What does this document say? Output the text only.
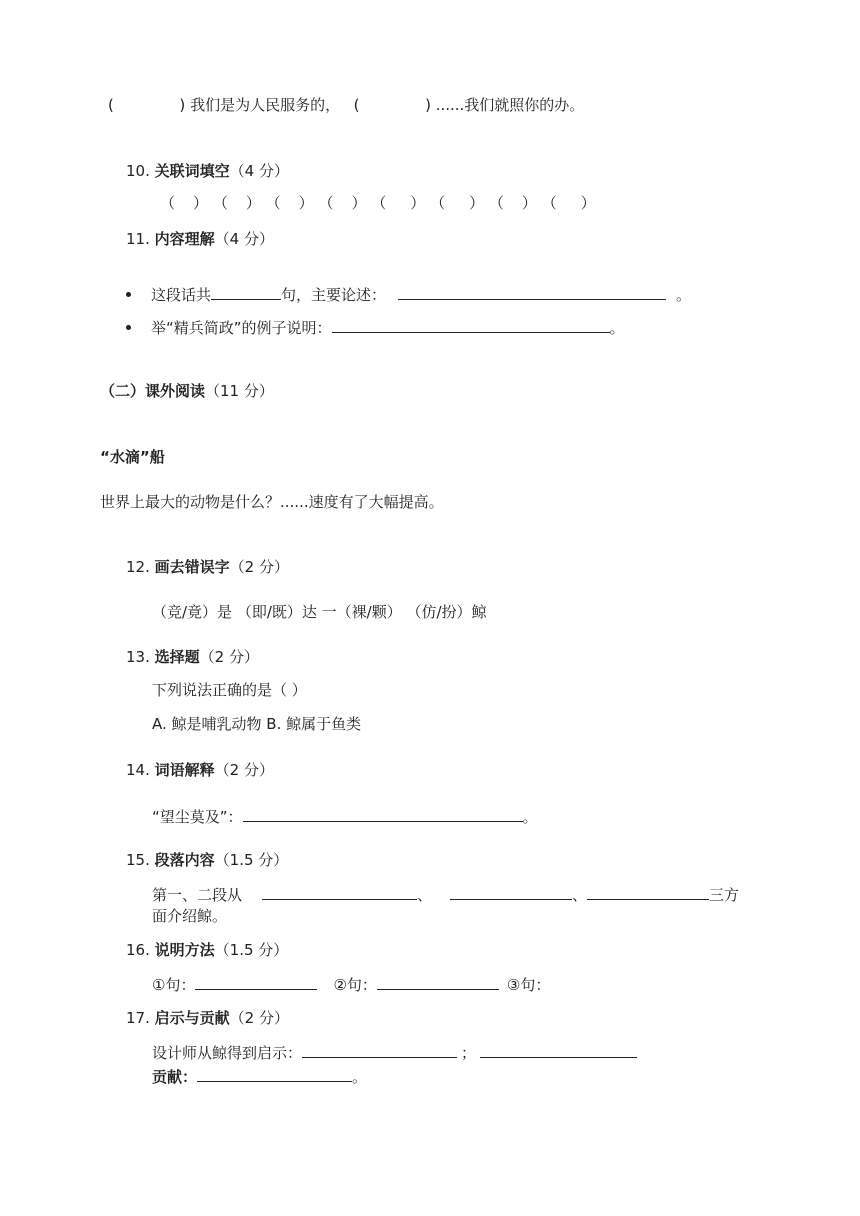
(	) 我们是为人民服务的， (	) ......我们就照你的办。
10. 关联词填空（4 分）
（ ） （ ） （ ） （ ） （ ） （ ） （ ） （ ）
11. 内容理解（4 分）
这段话共	句，主要论述：	。
举“精兵简政”的例子说明：	。
（二）课外阅读（11 分）
“水滴”船
世界上最大的动物是什么？......速度有了大幅提高。
12. 画去错误字（2 分）
（竞/竟）是 （即/既）达 一（裸/颗） （仿/扮）鲸
13. 选择题（2 分）
下列说法正确的是（ ）
A. 鲸是哺乳动物 B. 鲸属于鱼类
14. 词语解释（2 分）
“望尘莫及”：	。
15. 段落内容（1.5 分）
第一、二段从	、	、	三方
面介绍鲸。
16. 说明方法（1.5 分）
①句：	②句：	③句：
17. 启示与贡献（2 分）
设计师从鲸得到启示：	；
贡献：	。
